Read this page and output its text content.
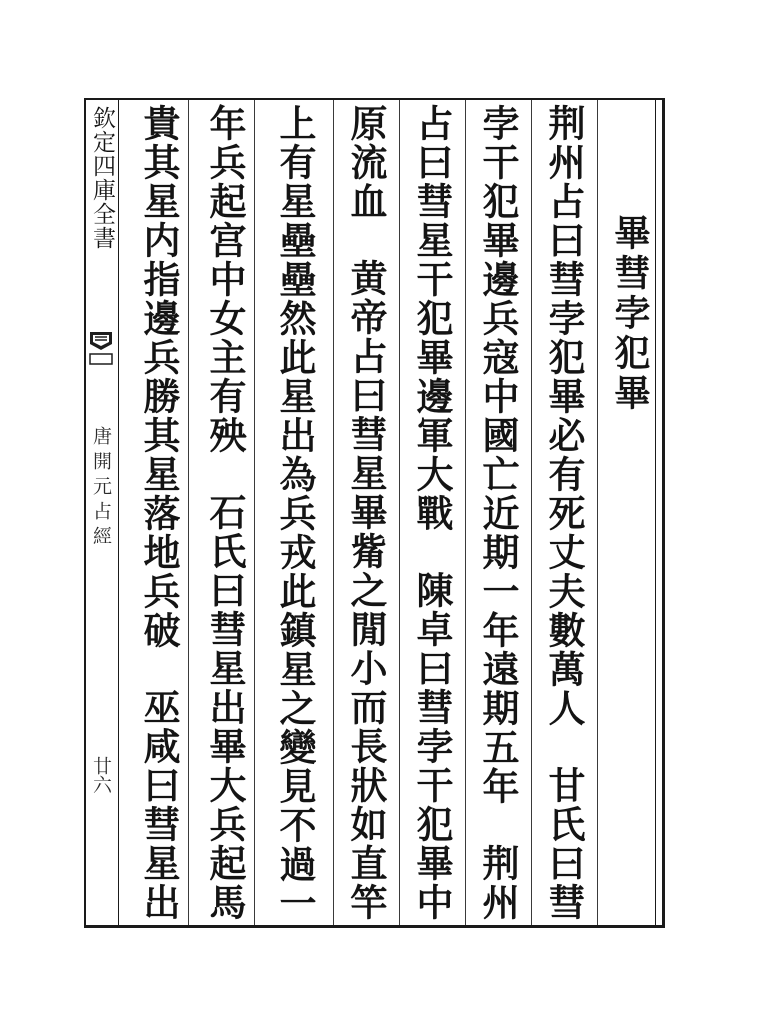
畢彗孛犯畢
荆州占曰彗孛犯畢必有死丈夫數萬人甘氏曰彗
孛干犯畢邊兵寇中國亡近期一年遠期五年荆州
占曰彗星干犯畢邊軍大戰陳卓曰彗孛干犯畢中
原流血黄帝占曰彗星畢觜之閒小而長狀如直竿
上有星壘壘然此星出為兵戎此鎮星之變見不過一
年兵起宫中女主有殃石氏曰彗星出畢大兵起馬
貴其星内指邊兵勝其星落地兵破巫咸曰彗星出
欽定四庫全書
唐開元占經
廿六
